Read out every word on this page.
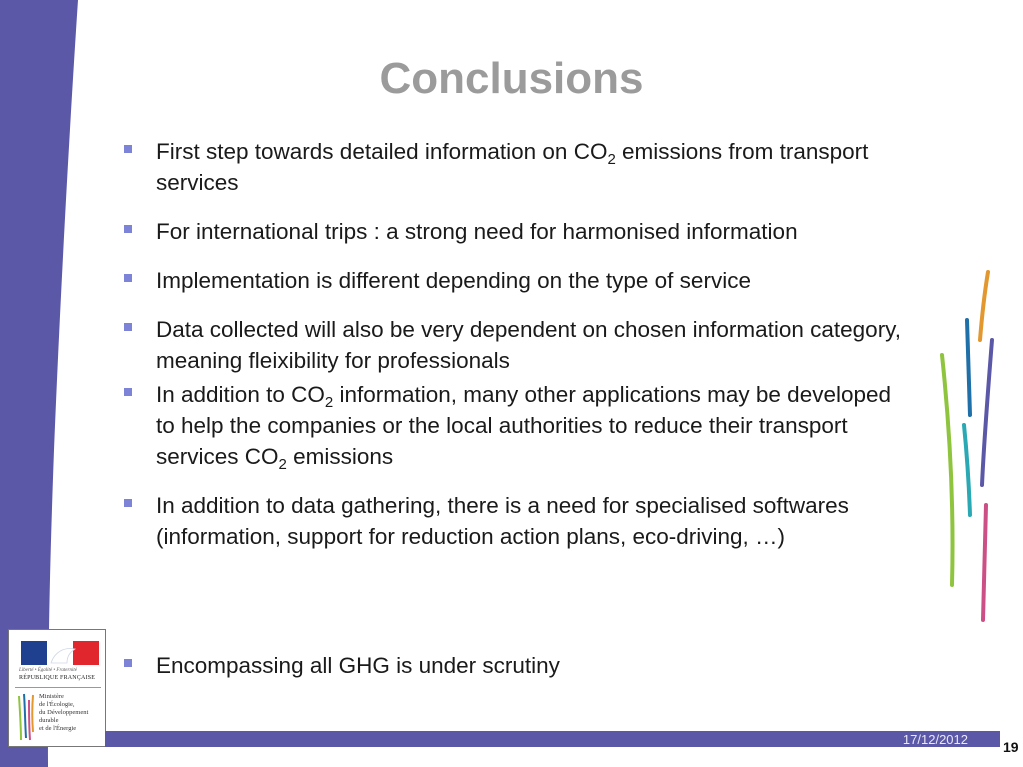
Conclusions
First step towards detailed information on $CO_2$ emissions from transport services
For international trips : a strong need for harmonised information
Implementation is different depending on the type of service
Data collected will also be very dependent on chosen information category, meaning fleixibility for professionals
In addition to $CO_2$ information, many other applications may be developed to help the companies or the local authorities to reduce their transport services $CO_2$ emissions
In addition to data gathering, there is a need for specialised softwares (information, support for reduction action plans, eco-driving, …)
Encompassing all GHG is under scrutiny
Liberté • Égalité • Fraternité
RÉPUBLIQUE FRANÇAISE
Ministère
de l'Écologie,
du Développement
durable
et de l'Énergie
17/12/2012	19
